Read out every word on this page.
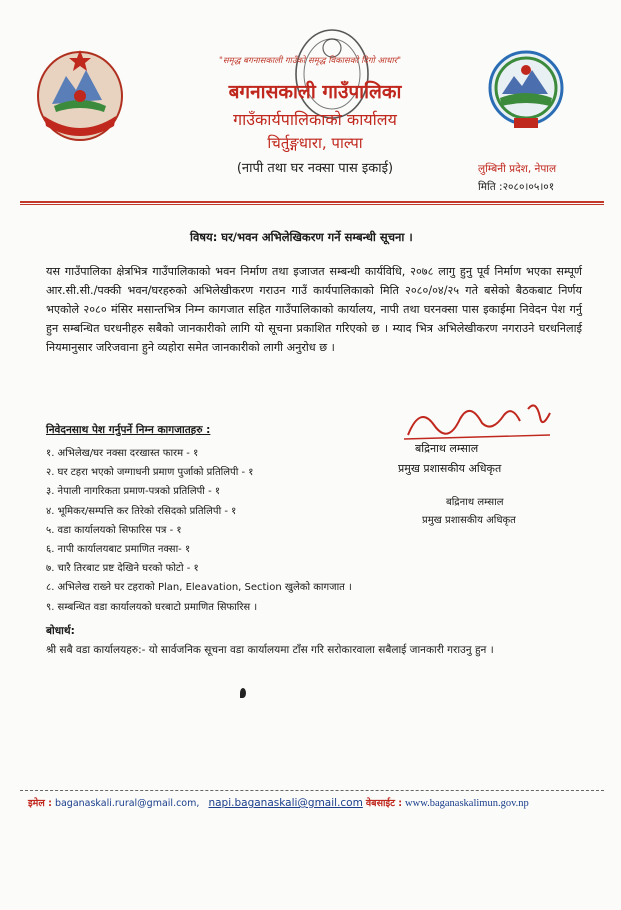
"समृद्ध बगनासकाली गाउँको समृद्ध विकासको दिगो आधार"
बगनासकाली गाउँपालिका
गाउँकार्यपालिकाको कार्यालय
चिर्तुङ्गधारा, पाल्पा
(नापी तथा घर नक्सा पास इकाई)	लुम्बिनी प्रदेश, नेपाल
मिति :२०८०।०५।०१
विषय: घर/भवन अभिलेखिकरण गर्ने सम्बन्धी सूचना ।
यस गाउँपालिका क्षेत्रभित्र गाउँपालिकाको भवन निर्माण तथा इजाजत सम्बन्धी कार्यविधि, २०७८ लागु हुनु पूर्व निर्माण भएका सम्पूर्ण आर.सी.सी./पक्की भवन/घरहरुको अभिलेखीकरण गराउन गाउँ कार्यपालिकाको मिति २०८०/०४/२५ गते बसेको बैठकबाट निर्णय भएकोले २०८० मंसिर मसान्तभित्र निम्न कागजात सहित गाउँपालिकाको कार्यालय, नापी तथा घरनक्सा पास इकाईमा निवेदन पेश गर्नु हुन सम्बन्धित घरधनीहरु सबैको जानकारीको लागि यो सूचना प्रकाशित गरिएको छ । म्याद भित्र अभिलेखीकरण नगराउने घरधनिलाई नियमानुसार जरिजवाना हुने व्यहोरा समेत जानकारीको लागी अनुरोध छ ।
निवेदनसाथ पेश गर्नुपर्ने निम्न कागजातहरु :
१. अभिलेख/घर नक्सा दरखास्त फारम - १
२. घर टहरा भएको जग्गाधनी प्रमाण पुर्जाको प्रतिलिपी - १
३. नेपाली नागरिकता प्रमाण-पत्रको प्रतिलिपी - १
४. भूमिकर/सम्पत्ति कर तिरेको रसिदको प्रतिलिपी - १
५. वडा कार्यालयको सिफारिस पत्र - १
६. नापी कार्यालयबाट प्रमाणित नक्सा- १
७. चारै तिरबाट प्रष्ट देखिने घरको फोटो - १
८. अभिलेख राख्ने घर टहराको Plan, Eleavation, Section खुलेको कागजात ।
९. सम्बन्धित वडा कार्यालयको घरबाटो प्रमाणित सिफारिस ।
बद्रिनाथ लम्साल
प्रमुख प्रशासकीय अधिकृत
बद्रिनाथ लम्साल
प्रमुख प्रशासकीय अधिकृत
बोधार्थ:
श्री सबै वडा कार्यालयहरु:- यो सार्वजनिक सूचना वडा कार्यालयमा टाँस गरि सरोकारवाला सबैलाई जानकारी गराउनु हुन ।
इमेल : baganaskali.rural@gmail.com, napi.baganaskali@gmail.com वेबसाईट : www.baganaskalimun.gov.np
